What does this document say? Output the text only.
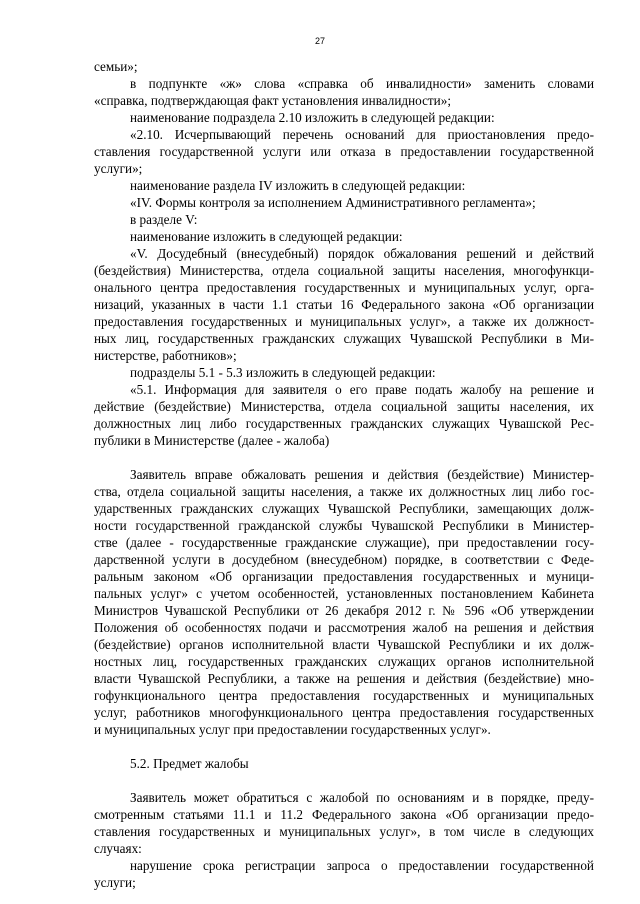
27
семьи»;
в подпункте «ж» слова «справка об инвалидности» заменить словами
«справка, подтверждающая факт установления инвалидности»;
наименование подраздела 2.10 изложить в следующей редакции:
«2.10. Исчерпывающий перечень оснований для приостановления предо-
ставления государственной услуги или отказа в предоставлении государственной
услуги»;
наименование раздела IV изложить в следующей редакции:
«IV. Формы контроля за исполнением Административного регламента»;
в разделе V:
наименование изложить в следующей редакции:
«V. Досудебный (внесудебный) порядок обжалования решений и действий
(бездействия) Министерства, отдела социальной защиты населения, многофункци-
онального центра предоставления государственных и муниципальных услуг, орга-
низаций, указанных в части 1.1 статьи 16 Федерального закона «Об организации
предоставления государственных и муниципальных услуг», а также их должност-
ных лиц, государственных гражданских служащих Чувашской Республики в Ми-
нистерстве, работников»;
подразделы 5.1 - 5.3 изложить в следующей редакции:
«5.1. Информация для заявителя о его праве подать жалобу на решение и
действие (бездействие) Министерства, отдела социальной защиты населения, их
должностных лиц либо государственных гражданских служащих Чувашской Рес-
публики в Министерстве (далее - жалоба)
Заявитель вправе обжаловать решения и действия (бездействие) Министер-
ства, отдела социальной защиты населения, а также их должностных лиц либо гос-
ударственных гражданских служащих Чувашской Республики, замещающих долж-
ности государственной гражданской службы Чувашской Республики в Министер-
стве (далее - государственные гражданские служащие), при предоставлении госу-
дарственной услуги в досудебном (внесудебном) порядке, в соответствии с Феде-
ральным законом «Об организации предоставления государственных и муници-
пальных услуг» с учетом особенностей, установленных постановлением Кабинета
Министров Чувашской Республики от 26 декабря 2012 г. № 596 «Об утверждении
Положения об особенностях подачи и рассмотрения жалоб на решения и действия
(бездействие) органов исполнительной власти Чувашской Республики и их долж-
ностных лиц, государственных гражданских служащих органов исполнительной
власти Чувашской Республики, а также на решения и действия (бездействие) мно-
гофункционального центра предоставления государственных и муниципальных
услуг, работников многофункционального центра предоставления государственных
и муниципальных услуг при предоставлении государственных услуг».
5.2. Предмет жалобы
Заявитель может обратиться с жалобой по основаниям и в порядке, преду-
смотренным статьями 11.1 и 11.2 Федерального закона «Об организации предо-
ставления государственных и муниципальных услуг», в том числе в следующих
случаях:
нарушение срока регистрации запроса о предоставлении государственной
услуги;
